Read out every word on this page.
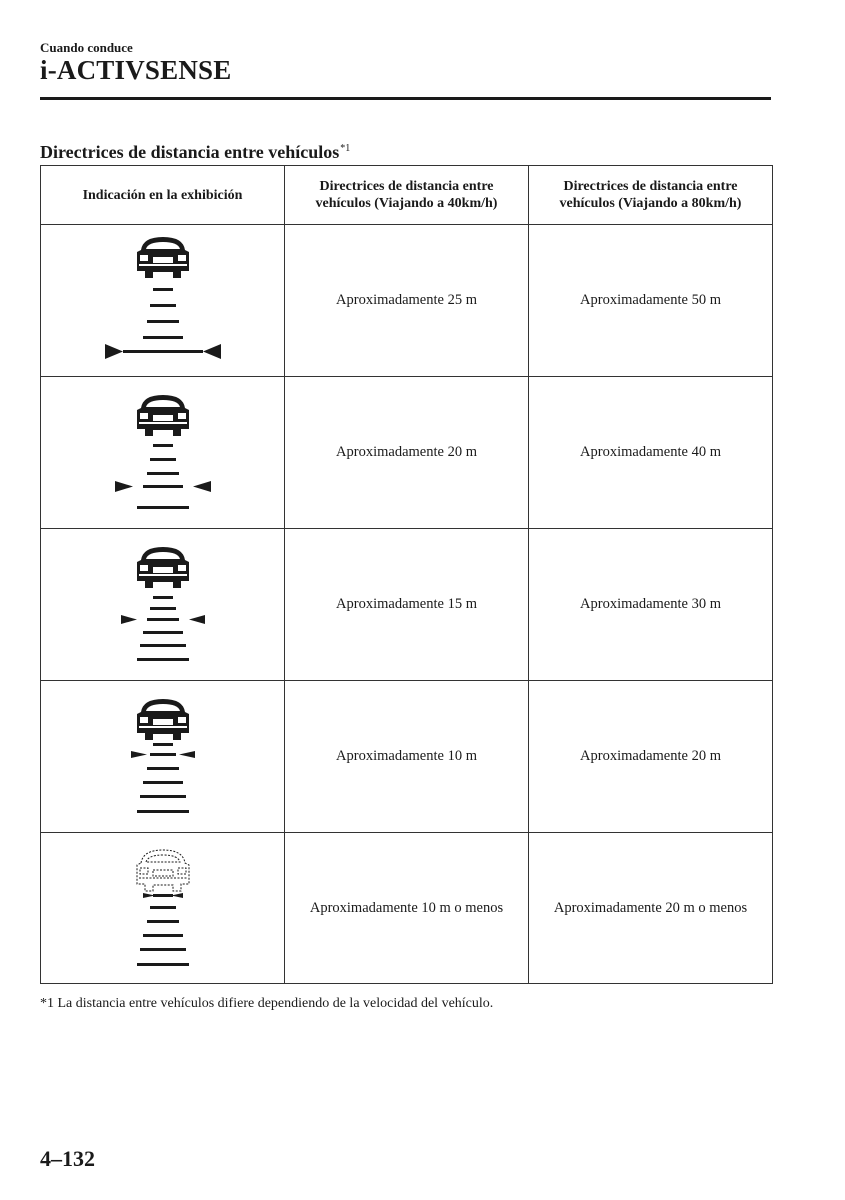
Cuando conduce
i-ACTIVSENSE
Directrices de distancia entre vehículos$^{*1}$
Indicación en la exhibición	Directrices de distancia entre vehículos (Viajando a 40km/h)	Directrices de distancia entre vehículos (Viajando a 80km/h)

	Aproximadamente 25 m	Aproximadamente 50 m

	Aproximadamente 20 m	Aproximadamente 40 m

	Aproximadamente 15 m	Aproximadamente 30 m

	Aproximadamente 10 m	Aproximadamente 20 m

	Aproximadamente 10 m o menos	Aproximadamente 20 m o menos
*1 La distancia entre vehículos difiere dependiendo de la velocidad del vehículo.
4–132
